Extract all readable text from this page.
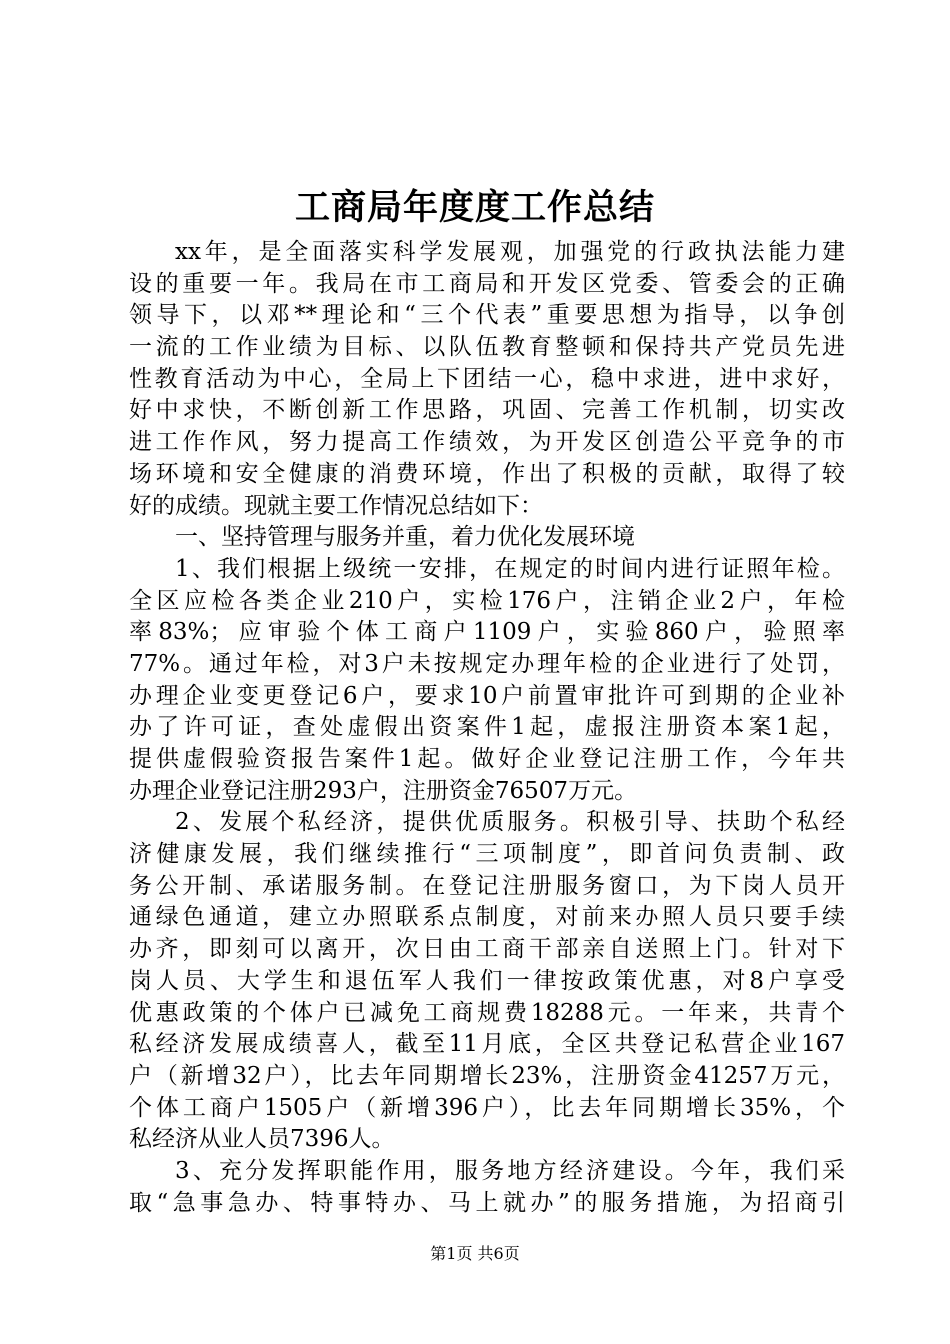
工商局年度度工作总结
xx年，是全面落实科学发展观，加强党的行政执法能力建
设的重要一年。我局在市工商局和开发区党委、管委会的正确
领导下，以邓**理论和“三个代表”重要思想为指导，以争创
一流的工作业绩为目标、以队伍教育整顿和保持共产党员先进
性教育活动为中心，全局上下团结一心，稳中求进，进中求好，
好中求快，不断创新工作思路，巩固、完善工作机制，切实改
进工作作风，努力提高工作绩效，为开发区创造公平竞争的市
场环境和安全健康的消费环境，作出了积极的贡献，取得了较
好的成绩。现就主要工作情况总结如下：
一、坚持管理与服务并重，着力优化发展环境
1、我们根据上级统一安排，在规定的时间内进行证照年检。
全区应检各类企业210户，实检176户，注销企业2户，年检
率83%；应审验个体工商户1109户，实验860户，验照率
77%。通过年检，对3户未按规定办理年检的企业进行了处罚，
办理企业变更登记6户，要求10户前置审批许可到期的企业补
办了许可证，查处虚假出资案件1起，虚报注册资本案1起，
提供虚假验资报告案件1起。做好企业登记注册工作，今年共
办理企业登记注册293户，注册资金76507万元。
2、发展个私经济，提供优质服务。积极引导、扶助个私经
济健康发展，我们继续推行“三项制度”，即首问负责制、政
务公开制、承诺服务制。在登记注册服务窗口，为下岗人员开
通绿色通道，建立办照联系点制度，对前来办照人员只要手续
办齐，即刻可以离开，次日由工商干部亲自送照上门。针对下
岗人员、大学生和退伍军人我们一律按政策优惠，对8户享受
优惠政策的个体户已减免工商规费18288元。一年来，共青个
私经济发展成绩喜人，截至11月底，全区共登记私营企业167
户（新增32户），比去年同期增长23%，注册资金41257万元，
个体工商户1505户（新增396户），比去年同期增长35%，个
私经济从业人员7396人。
3、充分发挥职能作用，服务地方经济建设。今年，我们采
取“急事急办、特事特办、马上就办”的服务措施，为招商引
第1页 共6页
